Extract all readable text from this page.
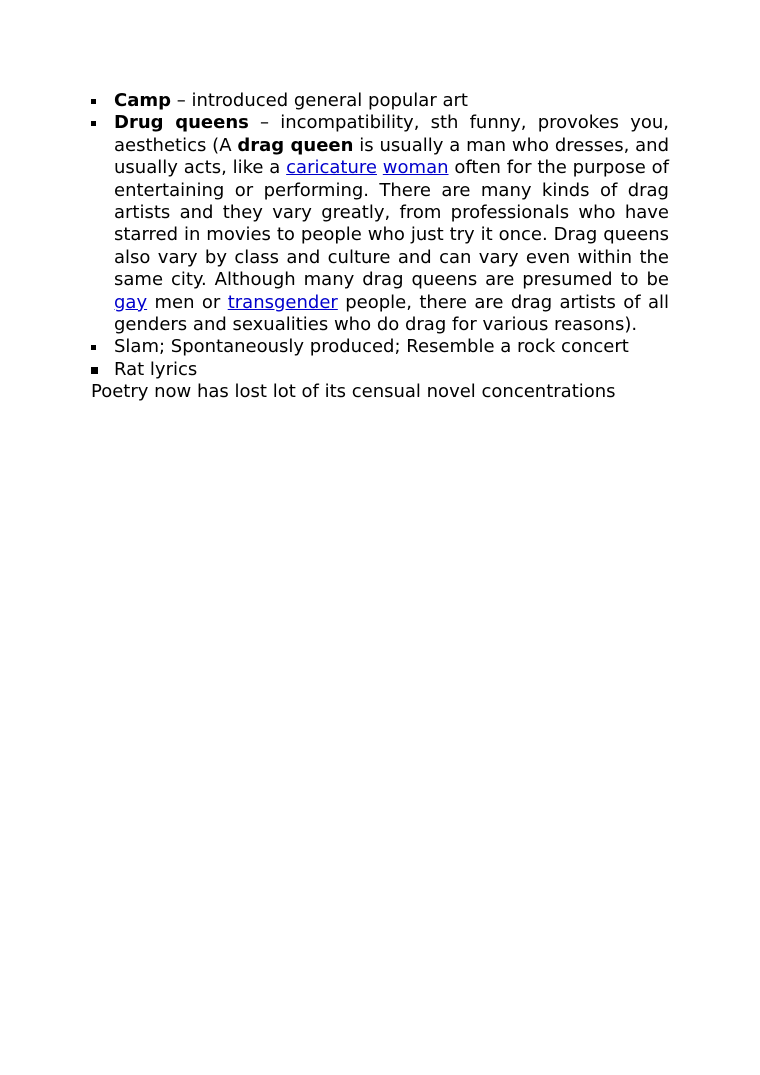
Camp – introduced general popular art
Drug queens – incompatibility, sth funny, provokes you, aesthetics (A drag queen is usually a man who dresses, and usually acts, like a caricature woman often for the purpose of entertaining or performing. There are many kinds of drag artists and they vary greatly, from professionals who have starred in movies to people who just try it once. Drag queens also vary by class and culture and can vary even within the same city. Although many drag queens are presumed to be gay men or transgender people, there are drag artists of all genders and sexualities who do drag for various reasons).
Slam; Spontaneously produced; Resemble a rock concert
Rat lyrics

Poetry now has lost lot of its censual novel concentrations
